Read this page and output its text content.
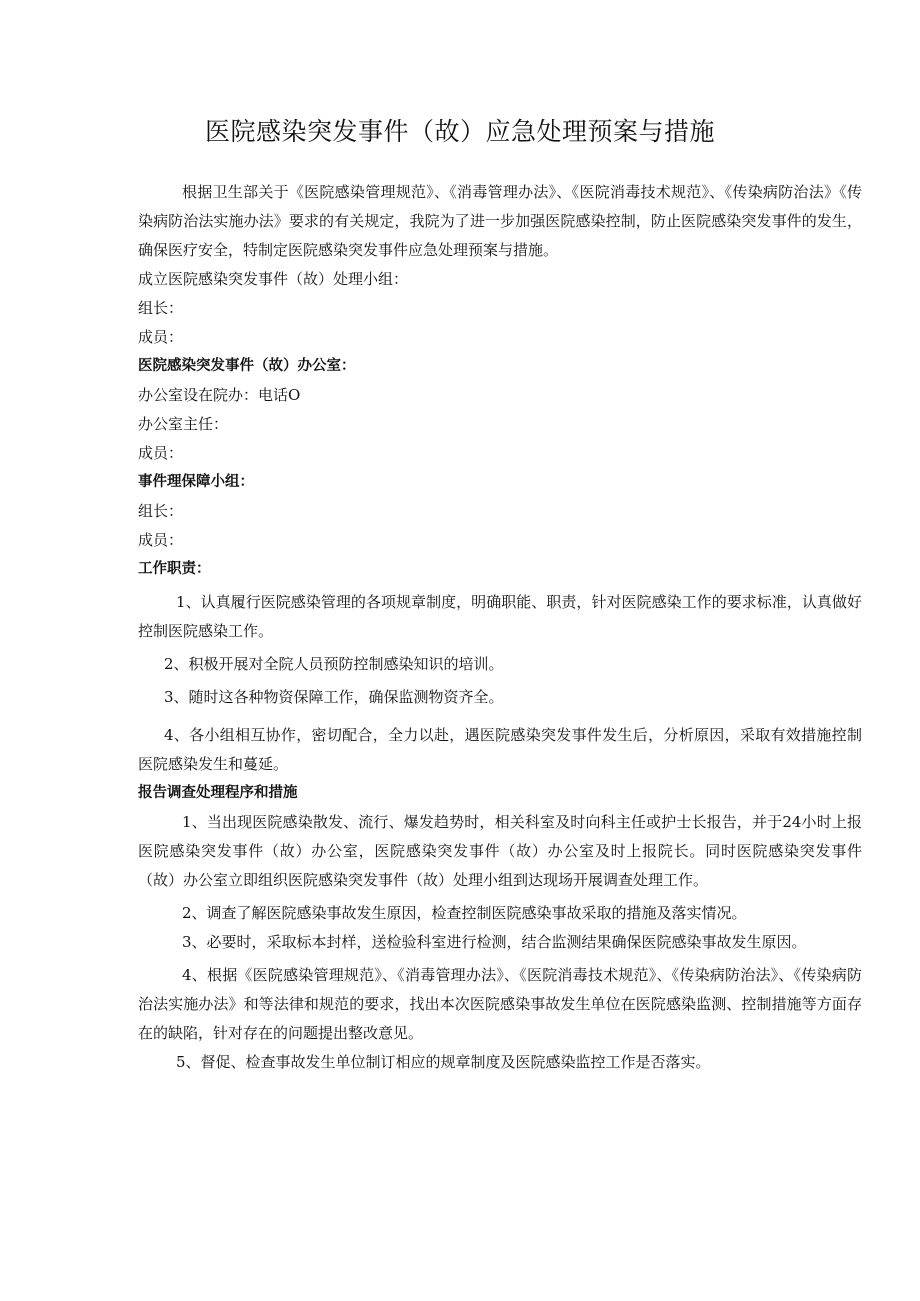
医院感染突发事件（故）应急处理预案与措施

根据卫生部关于《医院感染管理规范》、《消毒管理办法》、《医院消毒技术规范》、《传染病防治法》《传染病防治法实施办法》要求的有关规定，我院为了进一步加强医院感染控制，防止医院感染突发事件的发生，确保医疗安全，特制定医院感染突发事件应急处理预案与措施。

成立医院感染突发事件（故）处理小组：

组长：

成员：

医院感染突发事件（故）办公室：

办公室设在院办：电话O

办公室主任：

成员：

事件理保障小组：

组长：

成员：

工作职责：

1、认真履行医院感染管理的各项规章制度，明确职能、职责，针对医院感染工作的要求标准，认真做好控制医院感染工作。

2、积极开展对全院人员预防控制感染知识的培训。

3、随时这各种物资保障工作，确保监测物资齐全。

4、各小组相互协作，密切配合，全力以赴，遇医院感染突发事件发生后，分析原因，采取有效措施控制医院感染发生和蔓延。

报告调查处理程序和措施

1、当出现医院感染散发、流行、爆发趋势时，相关科室及时向科主任或护士长报告，并于24小时上报医院感染突发事件（故）办公室，医院感染突发事件（故）办公室及时上报院长。同时医院感染突发事件（故）办公室立即组织医院感染突发事件（故）处理小组到达现场开展调查处理工作。

2、调查了解医院感染事故发生原因，检查控制医院感染事故采取的措施及落实情况。

3、必要时，采取标本封样，送检验科室进行检测，结合监测结果确保医院感染事故发生原因。

4、根据《医院感染管理规范》、《消毒管理办法》、《医院消毒技术规范》、《传染病防治法》、《传染病防治法实施办法》和等法律和规范的要求，找出本次医院感染事故发生单位在医院感染监测、控制措施等方面存在的缺陷，针对存在的问题提出整改意见。

5、督促、检查事故发生单位制订相应的规章制度及医院感染监控工作是否落实。
